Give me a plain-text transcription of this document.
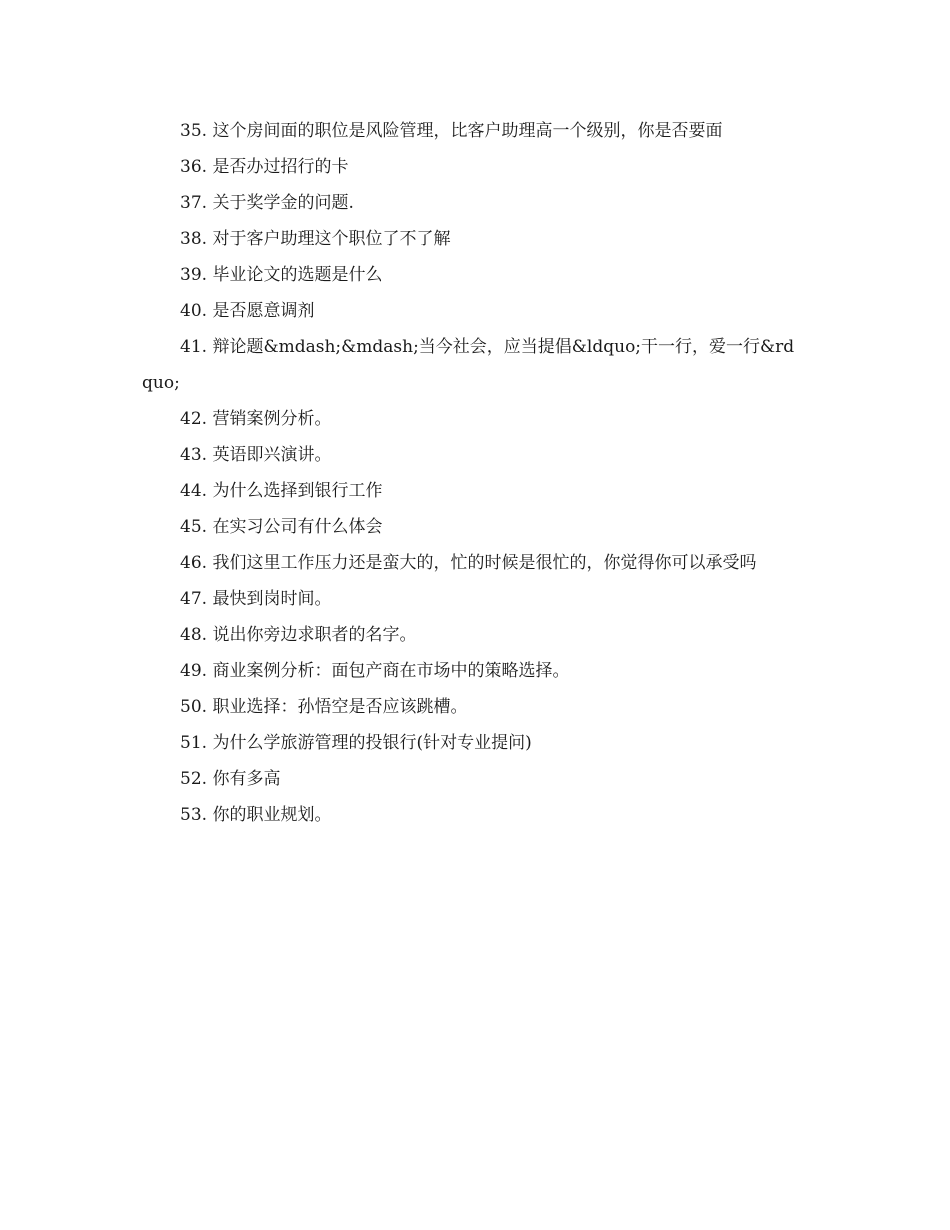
35. 这个房间面的职位是风险管理，比客户助理高一个级别，你是否要面

36. 是否办过招行的卡

37. 关于奖学金的问题.

38. 对于客户助理这个职位了不了解

39. 毕业论文的选题是什么

40. 是否愿意调剂

41. 辩论题&mdash;&mdash;当今社会，应当提倡&ldquo;干一行，爱一行&rdquo;

42. 营销案例分析。

43. 英语即兴演讲。

44. 为什么选择到银行工作

45. 在实习公司有什么体会

46. 我们这里工作压力还是蛮大的，忙的时候是很忙的，你觉得你可以承受吗

47. 最快到岗时间。

48. 说出你旁边求职者的名字。

49. 商业案例分析：面包产商在市场中的策略选择。

50. 职业选择：孙悟空是否应该跳槽。

51. 为什么学旅游管理的投银行(针对专业提问)

52. 你有多高

53. 你的职业规划。
